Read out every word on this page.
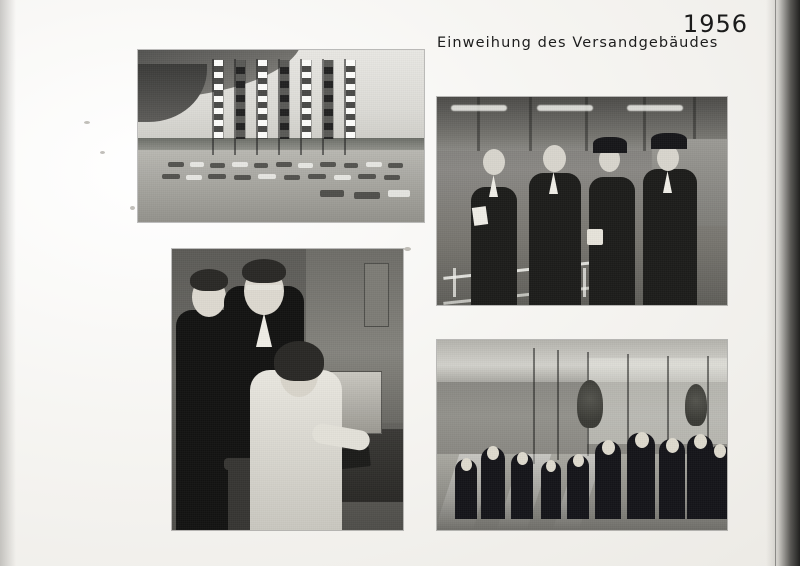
1956
Einweihung des Versandgebäudes
